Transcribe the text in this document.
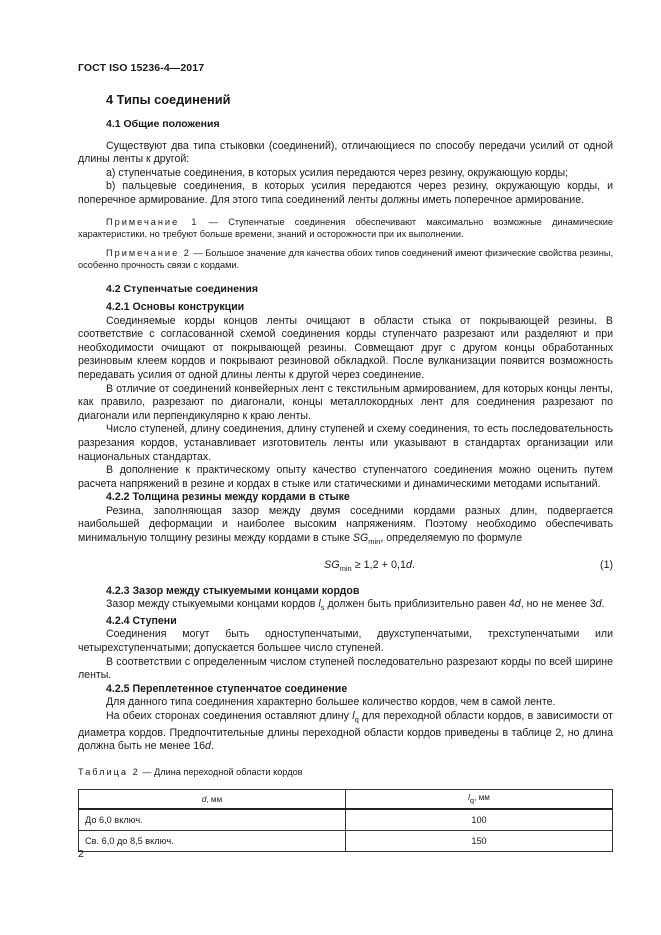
ГОСТ ISO 15236-4—2017
4 Типы соединений
4.1 Общие положения

Существуют два типа стыковки (соединений), отличающиеся по способу передачи усилий от одной длины ленты к другой:

а) ступенчатые соединения, в которых усилия передаются через резину, окружающую корды;

b) пальцевые соединения, в которых усилия передаются через резину, окружающую корды, и поперечное армирование. Для этого типа соединений ленты должны иметь поперечное армирование.

Примечание 1 — Ступенчатые соединения обеспечивают максимально возможные динамические характеристики, но требуют больше времени, знаний и осторожности при их выполнении.

Примечание 2 — Большое значение для качества обоих типов соединений имеют физические свойства резины, особенно прочность связи с кордами.

4.2 Ступенчатые соединения
4.2.1 Основы конструкции

Соединяемые корды концов ленты очищают в области стыка от покрывающей резины. В соответствие с согласованной схемой соединения корды ступенчато разрезают или разделяют и при необходимости очищают от покрывающей резины. Совмещают друг с другом концы обработанных резиновым клеем кордов и покрывают резиновой обкладкой. После вулканизации появится возможность передавать усилия от одной длины ленты к другой через соединение.

В отличие от соединений конвейерных лент с текстильным армированием, для которых концы ленты, как правило, разрезают по диагонали, концы металлокордных лент для соединения разрезают по диагонали или перпендикулярно к краю ленты.

Число ступеней, длину соединения, длину ступеней и схему соединения, то есть последовательность разрезания кордов, устанавливает изготовитель ленты или указывают в стандартах организации или национальных стандартах.

В дополнение к практическому опыту качество ступенчатого соединения можно оценить путем расчета напряжений в резине и кордах в стыке или статическими и динамическими методами испытаний.

4.2.2 Толщина резины между кордами в стыке

Резина, заполняющая зазор между двумя соседними кордами разных длин, подвергается наибольшей деформации и наиболее высоким напряжениям. Поэтому необходимо обеспечивать минимальную толщину резины между кордами в стыке $SG_{min}$, определяемую по формуле

$SG_{min} \ge 1,2 + 0,1d$.	(1)
4.2.3 Зазор между стыкуемыми концами кордов

Зазор между стыкуемыми концами кордов $l_s$ должен быть приблизительно равен 4d, но не менее 3d.

4.2.4 Ступени

Соединения могут быть одноступенчатыми, двухступенчатыми, трехступенчатыми или четырехступенчатыми; допускается большее число ступеней.

В соответствии с определенным числом ступеней последовательно разрезают корды по всей ширине ленты.

4.2.5 Переплетенное ступенчатое соединение

Для данного типа соединения характерно большее количество кордов, чем в самой ленте.

На обеих сторонах соединения оставляют длину $l_q$ для переходной области кордов, в зависимости от диаметра кордов. Предпочтительные длины переходной области кордов приведены в таблице 2, но длина должна быть не менее 16d.

Таблица 2 — Длина переходной области кордов
d, мм	lq, мм
До 6,0 включ.	100
Св. 6,0 до 8,5 включ.	150
2
